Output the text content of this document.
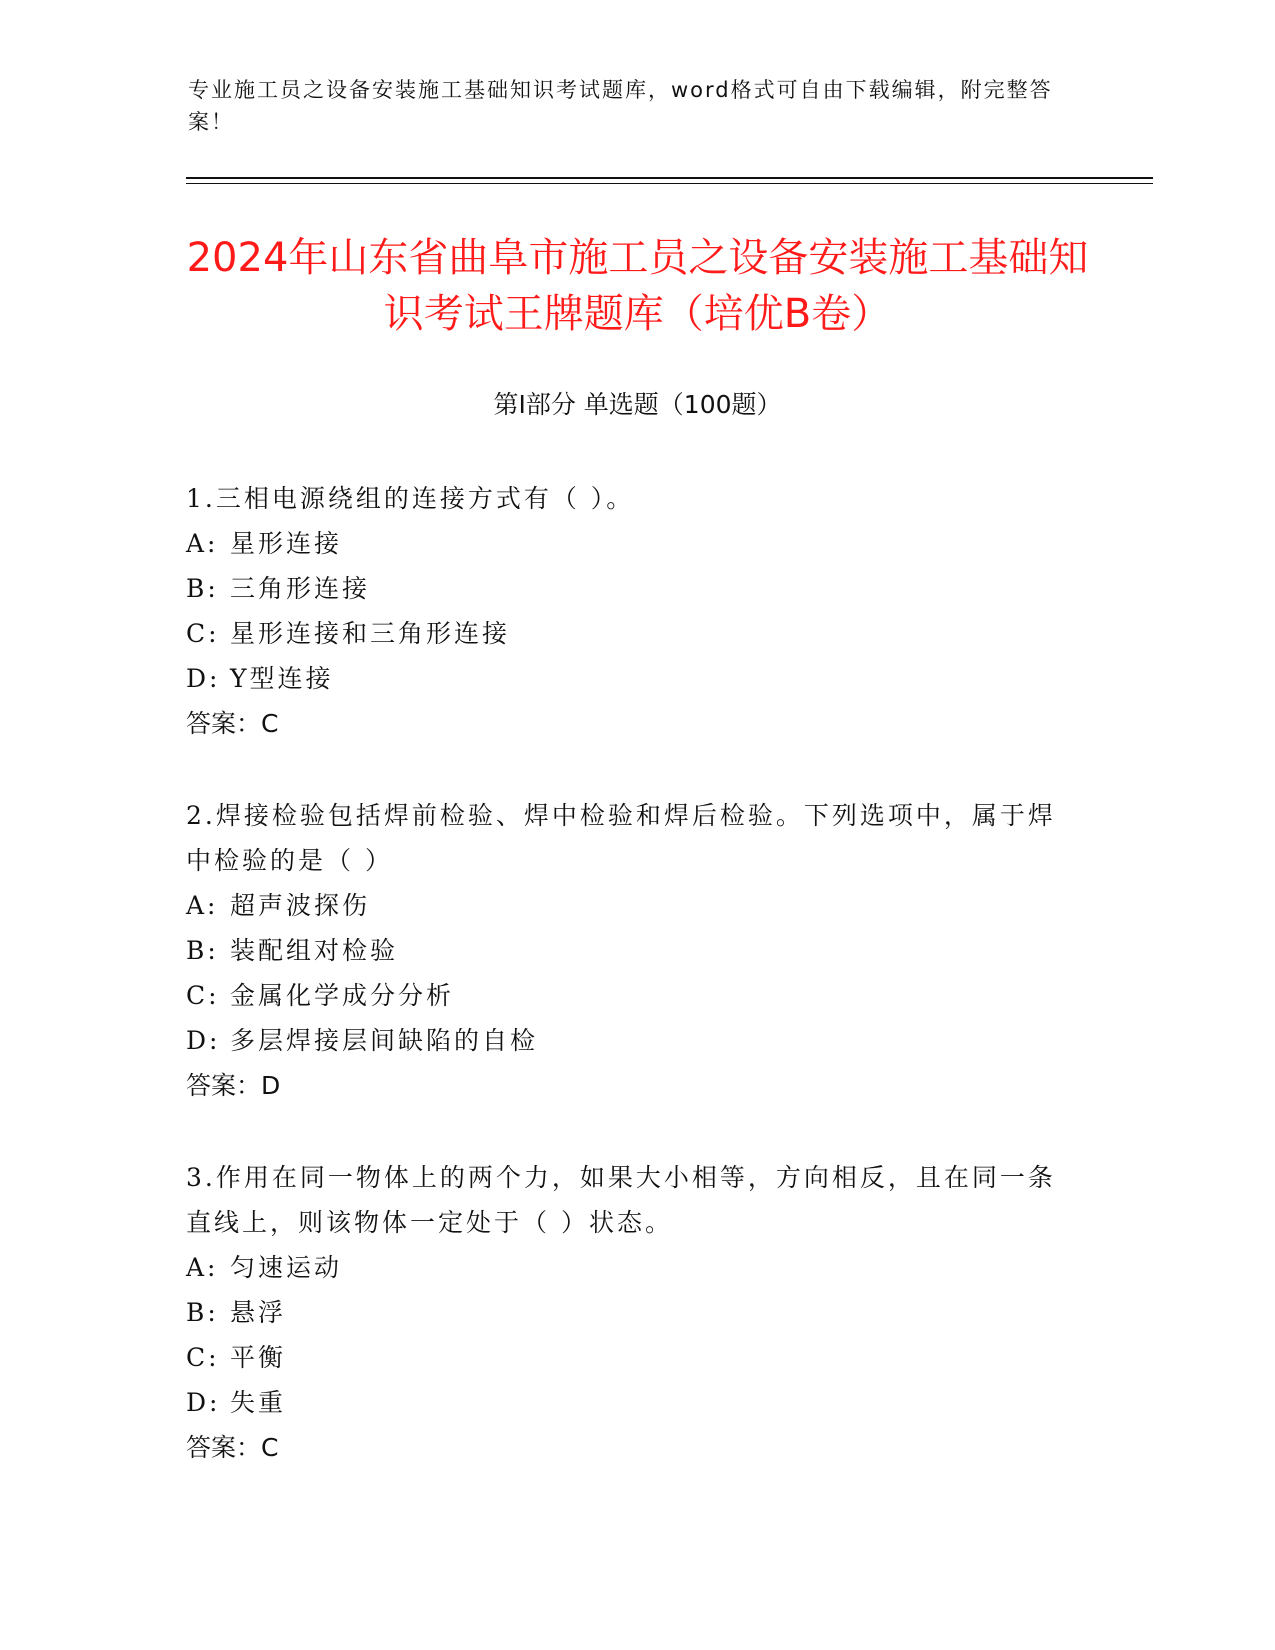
专业施工员之设备安装施工基础知识考试题库，word格式可自由下载编辑，附完整答案！
2024年山东省曲阜市施工员之设备安装施工基础知识考试王牌题库（培优B卷）
第Ⅰ部分 单选题（100题）
1.三相电源绕组的连接方式有（ ）。
A: 星形连接
B: 三角形连接
C: 星形连接和三角形连接
D: Y型连接
答案：C
2.焊接检验包括焊前检验、焊中检验和焊后检验。下列选项中，属于焊中检验的是（ ）
A: 超声波探伤
B: 装配组对检验
C: 金属化学成分分析
D: 多层焊接层间缺陷的自检
答案：D
3.作用在同一物体上的两个力，如果大小相等，方向相反，且在同一条直线上，则该物体一定处于（ ）状态。
A: 匀速运动
B: 悬浮
C: 平衡
D: 失重
答案：C
